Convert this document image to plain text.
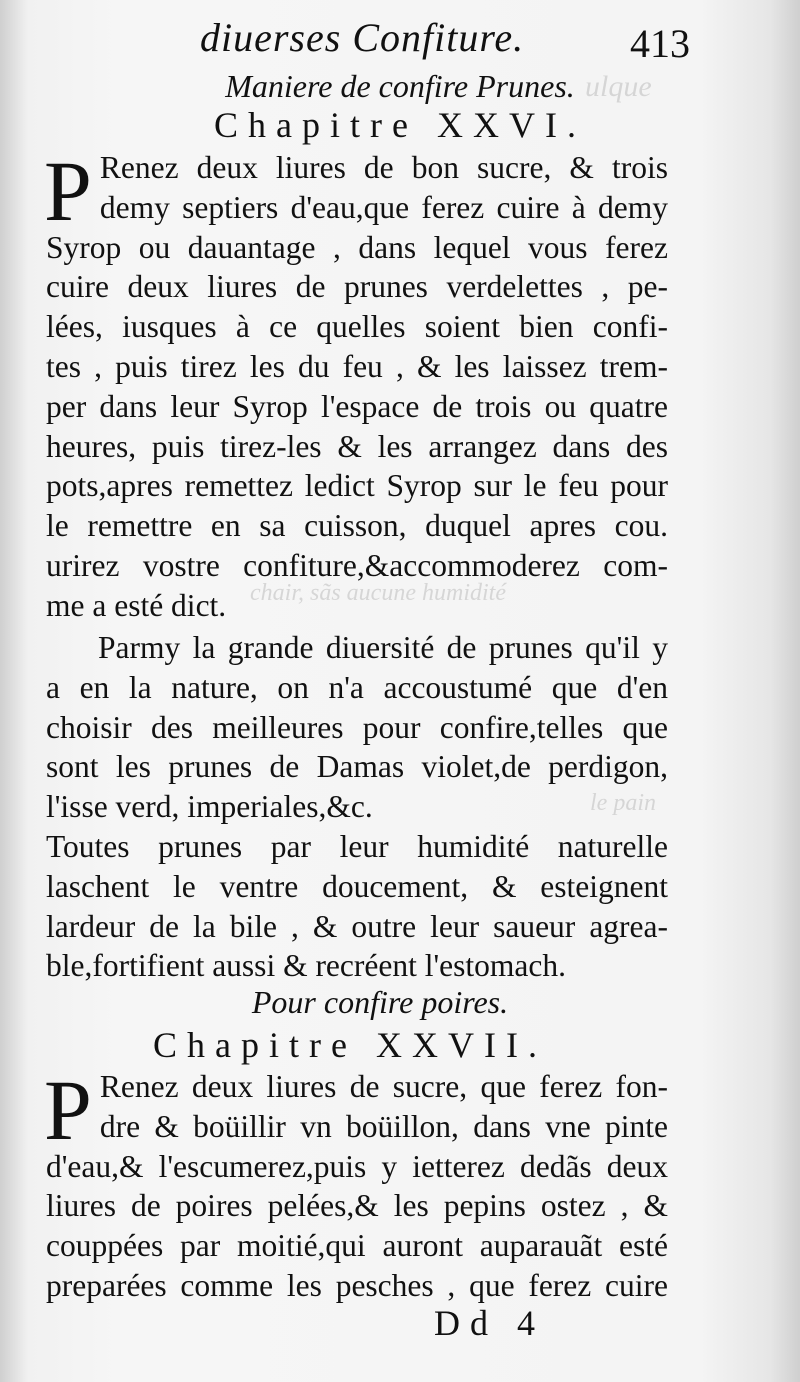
ulque
chair, sãs aucune humidité
le pain
diuerses Confiture.	413
Maniere de confire Prunes.
Chapitre XXVI.
P Renez deux liures de bon sucre, & trois
demy septiers d'eau,que ferez cuire à demy
Syrop ou dauantage , dans lequel vous ferez
cuire deux liures de prunes verdelettes , pe-
lées, iusques à ce quelles soient bien confi-
tes , puis tirez les du feu , & les laissez trem-
per dans leur Syrop l'espace de trois ou quatre
heures, puis tirez-les & les arrangez dans des
pots,apres remettez ledict Syrop sur le feu pour
le remettre en sa cuisson, duquel apres cou.
urirez vostre confiture,&accommoderez com-
me a esté dict.
Parmy la grande diuersité de prunes qu'il y
a en la nature, on n'a accoustumé que d'en
choisir des meilleures pour confire,telles que
sont les prunes de Damas violet,de perdigon,
l'isse verd, imperiales,&c.
Toutes prunes par leur humidité naturelle
laschent le ventre doucement, & esteignent
lardeur de la bile , & outre leur saueur agrea-
ble,fortifient aussi & recréent l'estomach.
Pour confire poires.
Chapitre XXVII.
P Renez deux liures de sucre, que ferez fon-
dre & boüillir vn boüillon, dans vne pinte
d'eau,& l'escumerez,puis y ietterez dedãs deux
liures de poires pelées,& les pepins ostez , &
couppées par moitié,qui auront auparauãt esté
preparées comme les pesches , que ferez cuire
Dd 4
